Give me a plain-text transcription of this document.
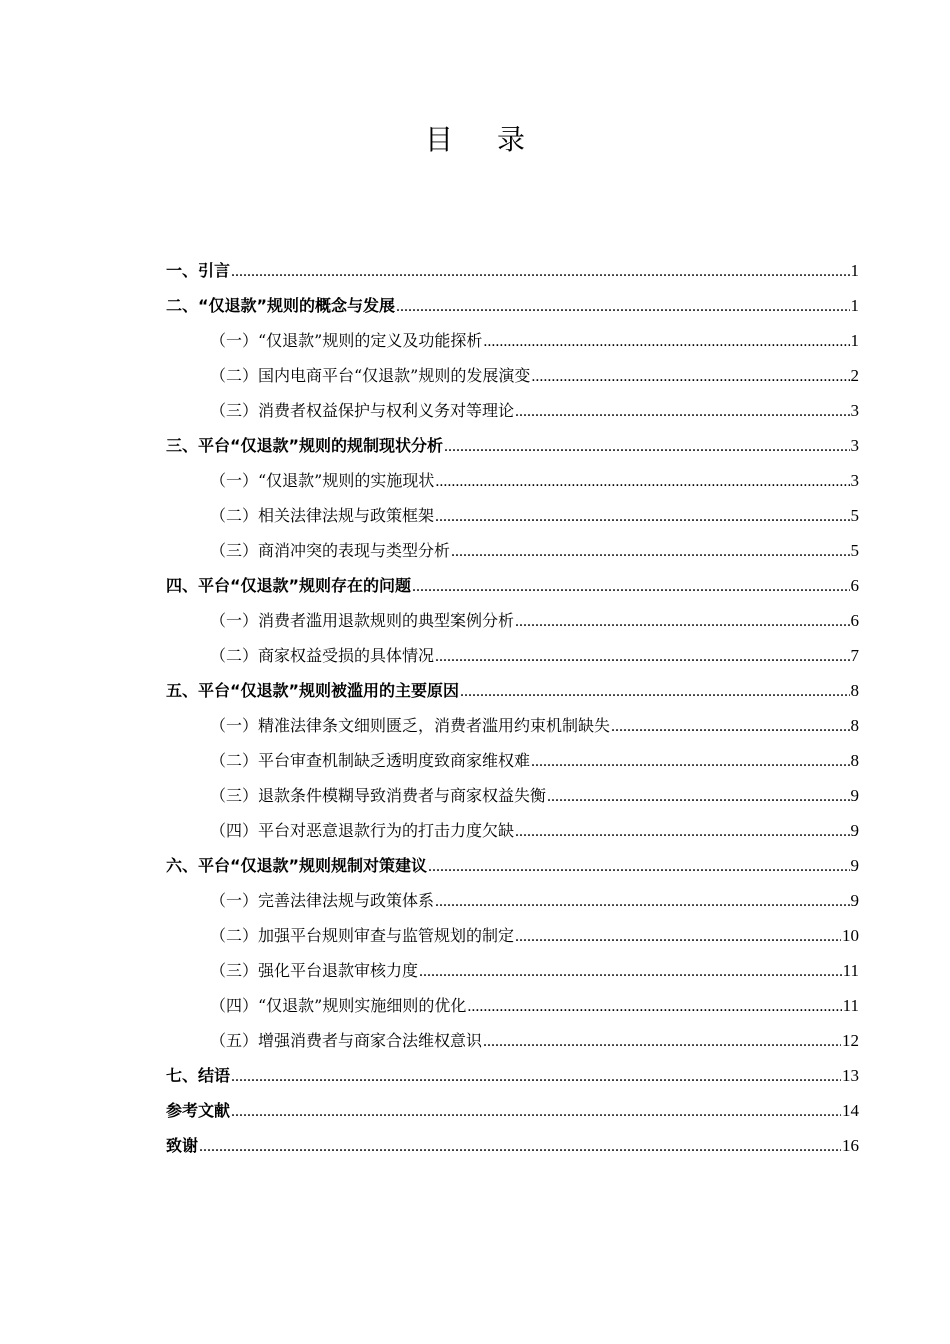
目 录
一、引言 .....	1
二、“仅退款”规则的概念与发展 .....	1
（一）“仅退款”规则的定义及功能探析 .....	1
（二）国内电商平台“仅退款”规则的发展演变 .....	2
（三）消费者权益保护与权利义务对等理论 .....	3
三、平台“仅退款”规则的规制现状分析 .....	3
（一）“仅退款”规则的实施现状 .....	3
（二）相关法律法规与政策框架 .....	5
（三）商消冲突的表现与类型分析 .....	5
四、平台“仅退款”规则存在的问题 .....	6
（一）消费者滥用退款规则的典型案例分析 .....	6
（二）商家权益受损的具体情况 .....	7
五、平台“仅退款”规则被滥用的主要原因 .....	8
（一）精准法律条文细则匮乏，消费者滥用约束机制缺失 .....	8
（二）平台审查机制缺乏透明度致商家维权难 .....	8
（三）退款条件模糊导致消费者与商家权益失衡 .....	9
（四）平台对恶意退款行为的打击力度欠缺 .....	9
六、平台“仅退款”规则规制对策建议 .....	9
（一）完善法律法规与政策体系 .....	9
（二）加强平台规则审查与监管规划的制定 .....	10
（三）强化平台退款审核力度 .....	11
（四）“仅退款”规则实施细则的优化 .....	11
（五）增强消费者与商家合法维权意识 .....	12
七、结语 .....	13
参考文献 .....	14
致谢 .....	16
